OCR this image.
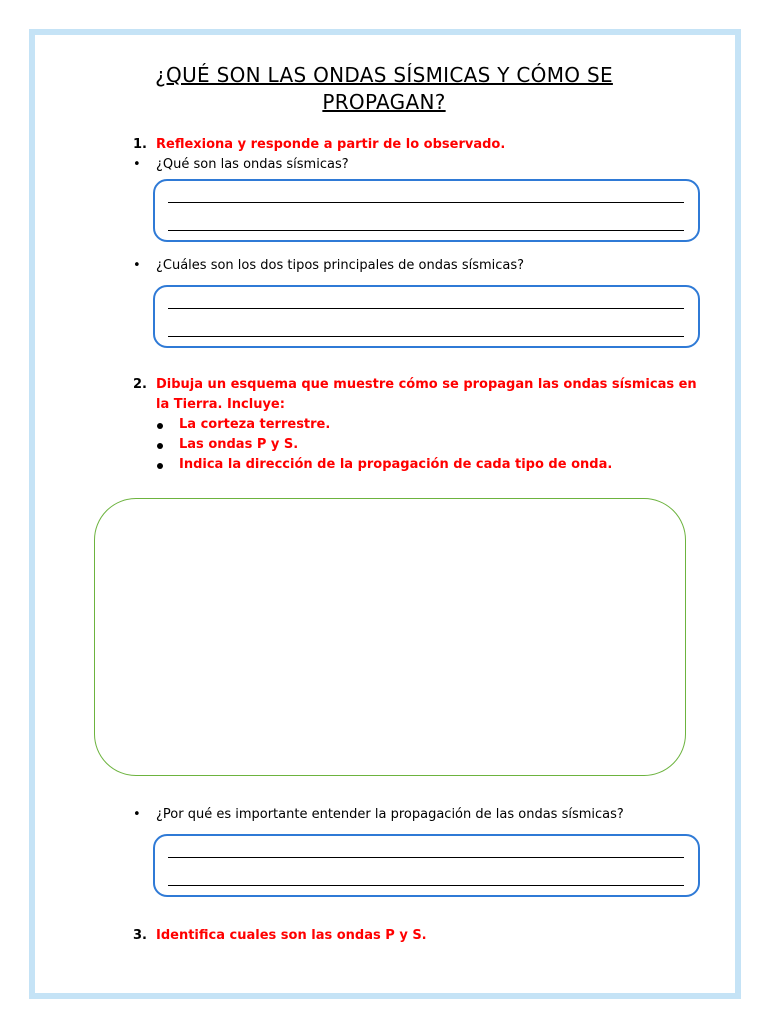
¿QUÉ SON LAS ONDAS SÍSMICAS Y CÓMO SE
PROPAGAN?
1. Reflexiona y responde a partir de lo observado.
• ¿Qué son las ondas sísmicas?
• ¿Cuáles son los dos tipos principales de ondas sísmicas?
2. Dibuja un esquema que muestre cómo se propagan las ondas sísmicas en
la Tierra. Incluye:
La corteza terrestre.
Las ondas P y S.
Indica la dirección de la propagación de cada tipo de onda.
• ¿Por qué es importante entender la propagación de las ondas sísmicas?
3. Identifica cuales son las ondas P y S.
